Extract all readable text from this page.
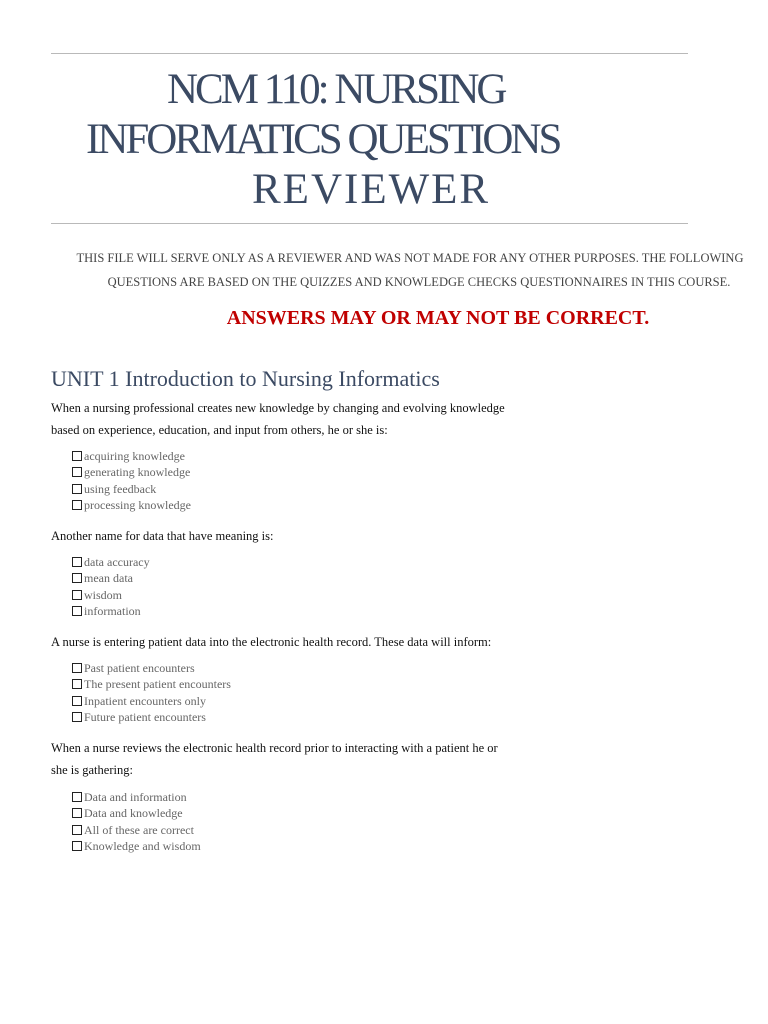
NCM 110: NURSING
INFORMATICS QUESTIONS
REVIEWER
THIS FILE WILL SERVE ONLY AS A REVIEWER AND WAS NOT MADE FOR ANY OTHER PURPOSES. THE FOLLOWING
QUESTIONS ARE BASED ON THE QUIZZES AND KNOWLEDGE CHECKS QUESTIONNAIRES IN THIS COURSE.
ANSWERS MAY OR MAY NOT BE CORRECT.
UNIT 1 Introduction to Nursing Informatics
When a nursing professional creates new knowledge by changing and evolving knowledge based on experience, education, and input from others, he or she is:
acquiring knowledge
generating knowledge
using feedback
processing knowledge
Another name for data that have meaning is:
data accuracy
mean data
wisdom
information
A nurse is entering patient data into the electronic health record. These data will inform:
Past patient encounters
The present patient encounters
Inpatient encounters only
Future patient encounters
When a nurse reviews the electronic health record prior to interacting with a patient he or she is gathering:
Data and information
Data and knowledge
All of these are correct
Knowledge and wisdom
